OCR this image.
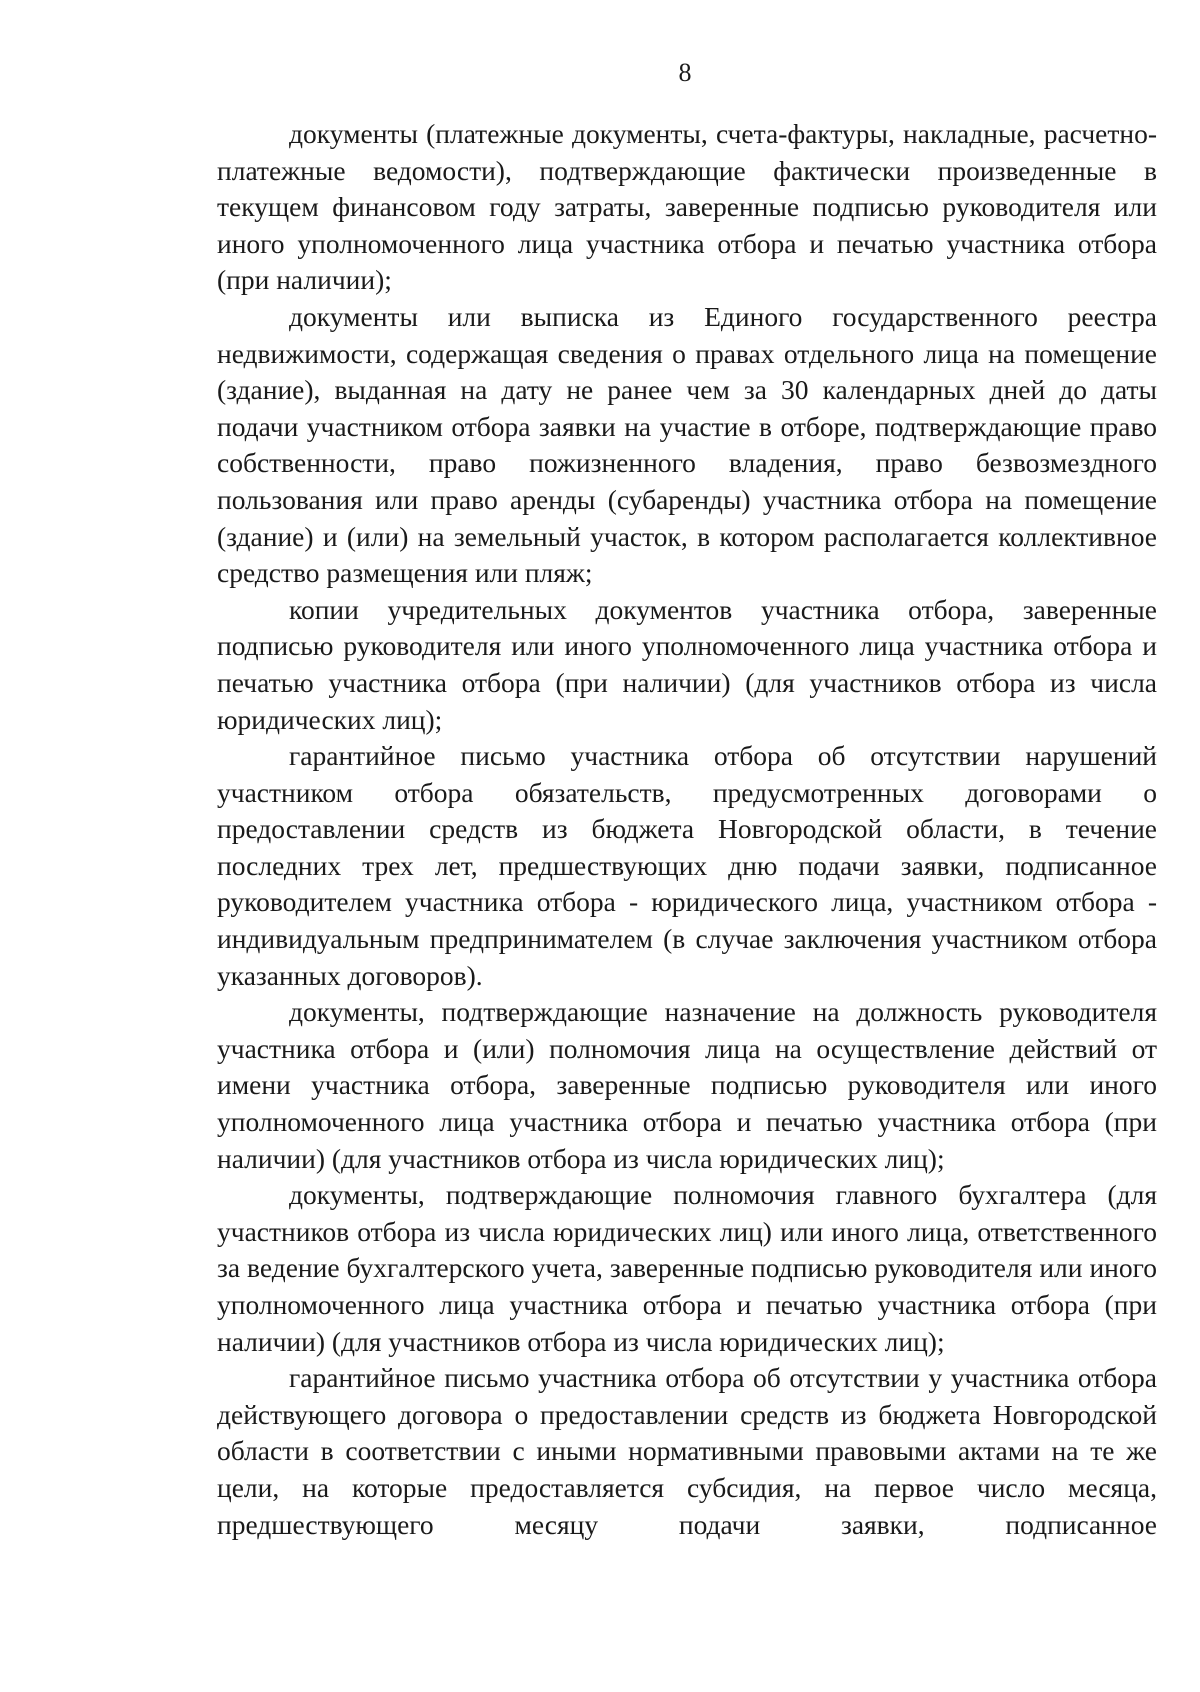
8

документы (платежные документы, счета-фактуры, накладные, расчетно-платежные ведомости), подтверждающие фактически произведенные в текущем финансовом году затраты, заверенные подписью руководителя или иного уполномоченного лица участника отбора и печатью участника отбора (при наличии);

документы или выписка из Единого государственного реестра недвижимости, содержащая сведения о правах отдельного лица на помещение (здание), выданная на дату не ранее чем за 30 календарных дней до даты подачи участником отбора заявки на участие в отборе, подтверждающие право собственности, право пожизненного владения, право безвозмездного пользования или право аренды (субаренды) участника отбора на помещение (здание) и (или) на земельный участок, в котором располагается коллективное средство размещения или пляж;

копии учредительных документов участника отбора, заверенные подписью руководителя или иного уполномоченного лица участника отбора и печатью участника отбора (при наличии) (для участников отбора из числа юридических лиц);

гарантийное письмо участника отбора об отсутствии нарушений участником отбора обязательств, предусмотренных договорами о предоставлении средств из бюджета Новгородской области, в течение последних трех лет, предшествующих дню подачи заявки, подписанное руководителем участника отбора - юридического лица, участником отбора - индивидуальным предпринимателем (в случае заключения участником отбора указанных договоров).

документы, подтверждающие назначение на должность руководителя участника отбора и (или) полномочия лица на осуществление действий от имени участника отбора, заверенные подписью руководителя или иного уполномоченного лица участника отбора и печатью участника отбора (при наличии) (для участников отбора из числа юридических лиц);

документы, подтверждающие полномочия главного бухгалтера (для участников отбора из числа юридических лиц) или иного лица, ответственного за ведение бухгалтерского учета, заверенные подписью руководителя или иного уполномоченного лица участника отбора и печатью участника отбора (при наличии) (для участников отбора из числа юридических лиц);

гарантийное письмо участника отбора об отсутствии у участника отбора действующего договора о предоставлении средств из бюджета Новгородской области в соответствии с иными нормативными правовыми актами на те же цели, на которые предоставляется субсидия, на первое число месяца, предшествующего месяцу подачи заявки, подписанное
